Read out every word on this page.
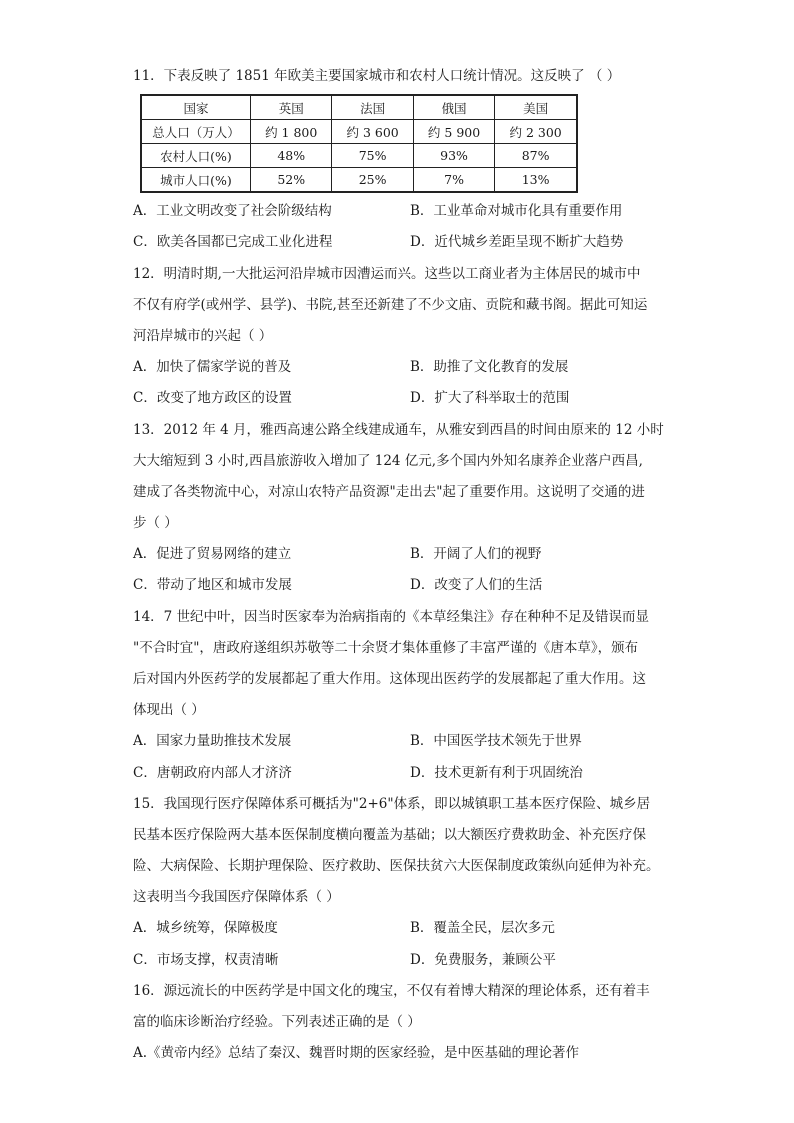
11．下表反映了 1851 年欧美主要国家城市和农村人口统计情况。这反映了 （ ）
国家	英国	法国	俄国	美国
总人口（万人）	约 1 800	约 3 600	约 5 900	约 2 300
农村人口(%)	48%	75%	93%	87%
城市人口(%)	52%	25%	7%	13%
A．工业文明改变了社会阶级结构	B．工业革命对城市化具有重要作用
C．欧美各国都已完成工业化进程	D．近代城乡差距呈现不断扩大趋势
12．明清时期,一大批运河沿岸城市因漕运而兴。这些以工商业者为主体居民的城市中
不仅有府学(或州学、县学)、书院,甚至还新建了不少文庙、贡院和藏书阁。据此可知运
河沿岸城市的兴起（ ）
A．加快了儒家学说的普及	B．助推了文化教育的发展
C．改变了地方政区的设置	D．扩大了科举取士的范围
13．2012 年 4 月，雅西高速公路全线建成通车，从雅安到西昌的时间由原来的 12 小时
大大缩短到 3 小时,西昌旅游收入增加了 124 亿元,多个国内外知名康养企业落户西昌,
建成了各类物流中心，对凉山农特产品资源"走出去"起了重要作用。这说明了交通的进
步（ ）
A．促进了贸易网络的建立	B．开阔了人们的视野
C．带动了地区和城市发展	D．改变了人们的生活
14．7 世纪中叶，因当时医家奉为治病指南的《本草经集注》存在种种不足及错误而显
"不合时宜"，唐政府遂组织苏敬等二十余贤才集体重修了丰富严谨的《唐本草》，颁布
后对国内外医药学的发展都起了重大作用。这体现出医药学的发展都起了重大作用。这
体现出（ ）
A．国家力量助推技术发展	B．中国医学技术领先于世界
C．唐朝政府内部人才济济	D．技术更新有利于巩固统治
15．我国现行医疗保障体系可概括为"2+6"体系，即以城镇职工基本医疗保险、城乡居
民基本医疗保险两大基本医保制度横向覆盖为基础；以大额医疗费救助金、补充医疗保
险、大病保险、长期护理保险、医疗救助、医保扶贫六大医保制度政策纵向延伸为补充。
这表明当今我国医疗保障体系（ ）
A．城乡统筹，保障极度	B．覆盖全民，层次多元
C．市场支撑，权责清晰	D．免费服务，兼顾公平
16．源远流长的中医药学是中国文化的瑰宝，不仅有着博大精深的理论体系，还有着丰
富的临床诊断治疗经验。下列表述正确的是（ ）
A.《黄帝内经》总结了秦汉、魏晋时期的医家经验，是中医基础的理论著作
